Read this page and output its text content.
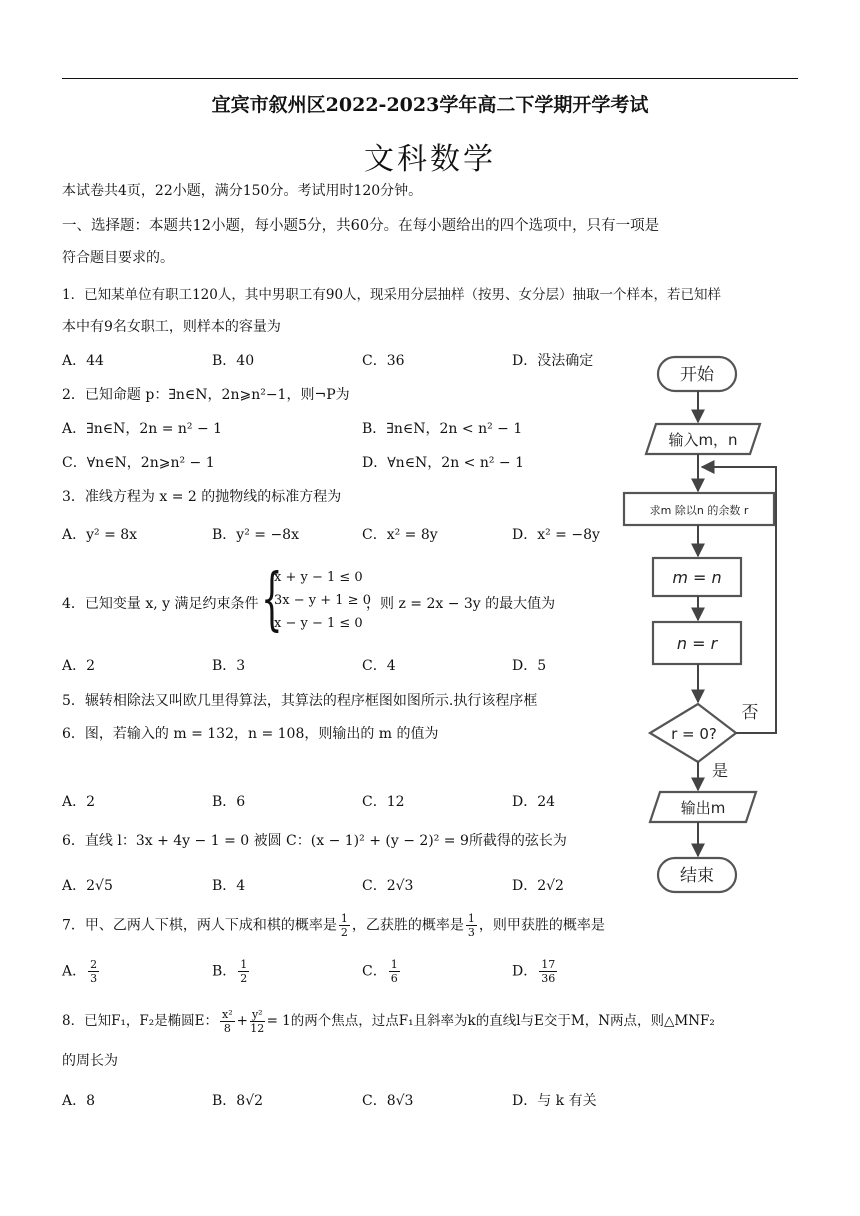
宜宾市叙州区2022-2023学年高二下学期开学考试
文科数学
本试卷共4页，22小题，满分150分。考试用时120分钟。
一、选择题：本题共12小题，每小题5分，共60分。在每小题给出的四个选项中，只有一项是
符合题目要求的。
1．已知某单位有职工120人，其中男职工有90人，现采用分层抽样（按男、女分层）抽取一个样本，若已知样
本中有9名女职工，则样本的容量为
A．44	B．40	C．36	D．没法确定
2．已知命题 p：∃n∈N，2n⩾n²−1，则¬P为
A．∃n∈N，2n = n² − 1	B．∃n∈N，2n < n² − 1
C．∀n∈N，2n⩾n² − 1	D．∀n∈N，2n < n² − 1
3．准线方程为 x = 2 的抛物线的标准方程为
A．y² = 8x	B．y² = −8x	C．x² = 8y	D．x² = −8y
4．已知变量 x, y 满足约束条件 {
x + y − 1 ≤ 0
3x − y + 1 ≥ 0
x − y − 1 ≤ 0
，则 z = 2x − 3y 的最大值为
A．2	B．3	C．4	D．5
5．辗转相除法又叫欧几里得算法，其算法的程序框图如图所示.执行该程序框
6．图，若输入的 m = 132，n = 108，则输出的 m 的值为
A．2	B．6	C．12	D．24
6．直线 l：3x + 4y − 1 = 0 被圆 C：(x − 1)² + (y − 2)² = 9所截得的弦长为
A．2√5	B．4	C．2√3	D．2√2
7．甲、乙两人下棋，两人下成和棋的概率是 $\frac{1}{2}$ ，乙获胜的概率是 $\frac{1}{3}$ ，则甲获胜的概率是
A． $\frac{2}{3}$	B． $\frac{1}{2}$	C． $\frac{1}{6}$	D． $\frac{17}{36}$
8．已知F₁，F₂是椭圆E： $\frac{\text{x²}}{8} + \frac{\text{y²}}{12} = 1$的两个焦点，过点F₁且斜率为k的直线l与E交于M，N两点，则△MNF₂
的周长为
A．8	B．8√2	C．8√3	D．与 k 有关
开始
输入m，n
求m 除以n 的余数 r
m = n
n = r
r = 0?
否
是
输出m
结束
